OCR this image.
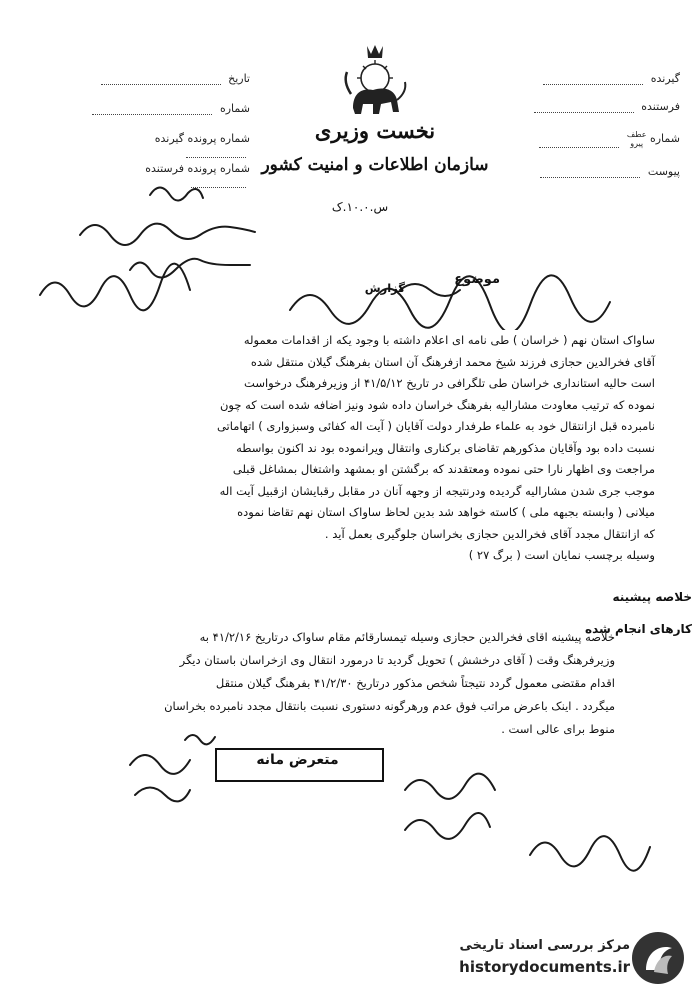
نخست وزیری
سازمان اطلاعات و امنیت کشور
س.۱۰.۰.ک
تاریخ
شماره
شماره پرونده گیرنده
شماره پرونده فرستنده
گیرنده
فرستنده
شماره عطف
پیرو
پیوست
موضوع

گزارش

ساواک استان نهم ( خراسان ) طی نامه ای اعلام داشته با وجود یکه از اقدامات معموله

آقای فخرالدین حجازی فرزند شیخ محمد ازفرهنگ آن استان بفرهنگ گیلان منتقل شده

است حالیه استانداری خراسان طی تلگرافی در تاریخ ۴۱/۵/۱۲ از وزیرفرهنگ درخواست

نموده که ترتیب معاودت مشارالیه بفرهنگ خراسان داده شود ونیز اضافه شده است که چون

نامبرده قبل ازانتقال خود به علماء طرفدار دولت آقایان ( آیت اله کفائی وسبزواری ) اتهاماتی

نسبت داده بود وآقایان مذکورهم تقاضای برکناری وانتقال ویرانموده بود ند اکنون بواسطه

مراجعت وی اظهار نارا حتی نموده ومعتقدند که برگشتن او بمشهد واشتغال بمشاغل قبلی

موجب جری شدن مشارالیه گردیده ودرنتیجه از وجهه آنان در مقابل رقبایشان ازقبیل آیت اله

میلانی ( وابسته بجبهه ملی ) کاسته خواهد شد بدین لحاظ ساواک استان نهم تقاضا نموده

که ازانتقال مجدد آقای فخرالدین حجازی بخراسان جلوگیری بعمل آید .

وسیله برچسب نمایان است ( برگ ۲۷ )

خلاصه پیشینه
کارهای انجام شده

خلاصه پیشینه اقای فخرالدین حجازی وسیله تیمسارقائم مقام ساواک درتاریخ ۴۱/۲/۱۶ به

وزیرفرهنگ وقت ( آقای درخشش ) تحویل گردید تا درمورد انتقال وی ازخراسان باستان دیگر

اقدام مقتضی معمول گردد نتیجتاً شخص مذکور درتاریخ ۴۱/۲/۳۰ بفرهنگ گیلان منتقل

میگردد . اینک باعرض مراتب فوق عدم ورهرگونه دستوری نسبت بانتقال مجدد نامبرده بخراسان

منوط برای عالی است .

متعرض مانه
مرکز بررسی اسناد تاریخی
historydocuments.ir
